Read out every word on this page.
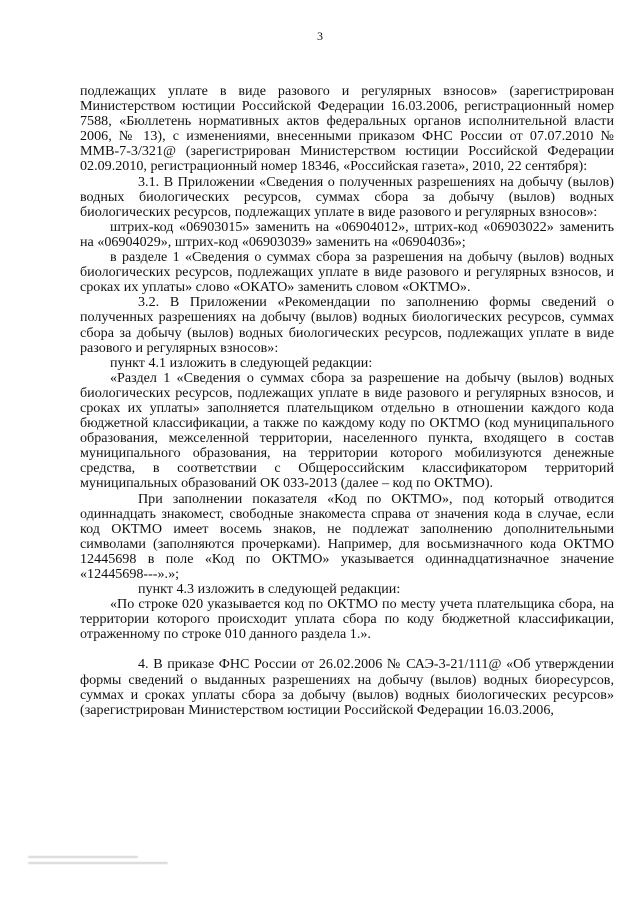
3

подлежащих уплате в виде разового и регулярных взносов» (зарегистрирован Министерством юстиции Российской Федерации 16.03.2006, регистрационный номер 7588, «Бюллетень нормативных актов федеральных органов исполнительной власти 2006, № 13), с изменениями, внесенными приказом ФНС России от 07.07.2010 № ММВ-7-3/321@ (зарегистрирован Министерством юстиции Российской Федерации 02.09.2010, регистрационный номер 18346, «Российская газета», 2010, 22 сентября):

3.1. В Приложении «Сведения о полученных разрешениях на добычу (вылов) водных биологических ресурсов, суммах сбора за добычу (вылов) водных биологических ресурсов, подлежащих уплате в виде разового и регулярных взносов»:

штрих-код «06903015» заменить на «06904012», штрих-код «06903022» заменить на «06904029», штрих-код «06903039» заменить на «06904036»;

в разделе 1 «Сведения о суммах сбора за разрешения на добычу (вылов) водных биологических ресурсов, подлежащих уплате в виде разового и регулярных взносов, и сроках их уплаты» слово «ОКАТО» заменить словом «ОКТМО».

3.2. В Приложении «Рекомендации по заполнению формы сведений о полученных разрешениях на добычу (вылов) водных биологических ресурсов, суммах сбора за добычу (вылов) водных биологических ресурсов, подлежащих уплате в виде разового и регулярных взносов»:

пункт 4.1 изложить в следующей редакции:

«Раздел 1 «Сведения о суммах сбора за разрешение на добычу (вылов) водных биологических ресурсов, подлежащих уплате в виде разового и регулярных взносов, и сроках их уплаты» заполняется плательщиком отдельно в отношении каждого кода бюджетной классификации, а также по каждому коду по ОКТМО (код муниципального образования, межселенной территории, населенного пункта, входящего в состав муниципального образования, на территории которого мобилизуются денежные средства, в соответствии с Общероссийским классификатором территорий муниципальных образований ОК 033-2013 (далее – код по ОКТМО).

При заполнении показателя «Код по ОКТМО», под который отводится одиннадцать знакомест, свободные знакоместа справа от значения кода в случае, если код ОКТМО имеет восемь знаков, не подлежат заполнению дополнительными символами (заполняются прочерками). Например, для восьмизначного кода ОКТМО 12445698 в поле «Код по ОКТМО» указывается одиннадцатизначное значение «12445698---».»;

пункт 4.3 изложить в следующей редакции:

«По строке 020 указывается код по ОКТМО по месту учета плательщика сбора, на территории которого происходит уплата сбора по коду бюджетной классификации, отраженному по строке 010 данного раздела 1.».

4. В приказе ФНС России от 26.02.2006 № САЭ-3-21/111@ «Об утверждении формы сведений о выданных разрешениях на добычу (вылов) водных биоресурсов, суммах и сроках уплаты сбора за добычу (вылов) водных биологических ресурсов» (зарегистрирован Министерством юстиции Российской Федерации 16.03.2006,
